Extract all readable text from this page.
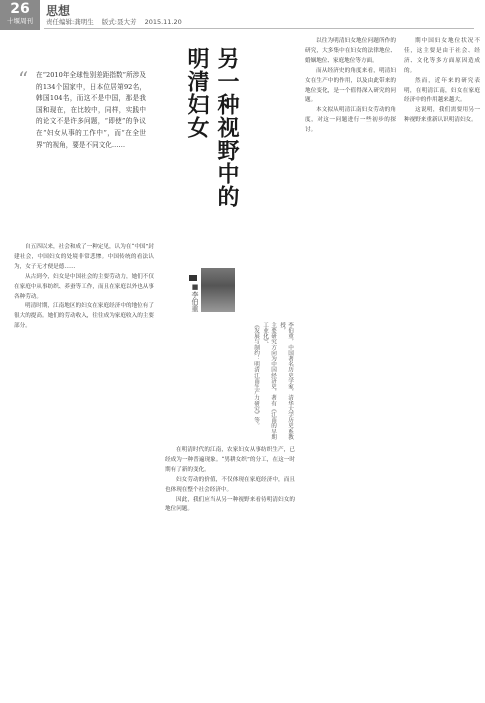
26
十堰周刊
思想
责任编辑:龚明生 版式:聂大芳 2015.11.20
“	在“2010年全球性别差距指数”所涉及的134个国家中，日本位居第92名，韩国104名，而这不是中国，那是我国和现在，在比较中，同样，实践中的论文不是许多问题，“即使”的争议在“妇女从事的工作中”，而“在全世界”的视角，要是不同文化……	另一种视野中的
明清妇女
■李伯重
李伯重，中国著名历史学家，清华大学历史系教授，
主要研究方向为中国经济史，著有《江南的早期工业化》、
《发展与制约：明清江南生产力研究》等。

自五四以来，社会和成了一种定见，认为在“中国”封建社会，中国妇女的处境非常悲惨。中国传统的看法认为，女子无才便是德……

从古到今，妇女是中国社会的主要劳动力，她们不仅在家庭中从事纺织、养蚕等工作，而且在家庭以外也从事各种劳动。

明清时期，江南地区的妇女在家庭经济中的地位有了很大的提高。她们的劳动收入，往往成为家庭收入的主要部分。

在明清时代的江南，农家妇女从事纺织生产，已经成为一种普遍现象。“男耕女织”的分工，在这一时期有了新的变化。

妇女劳动的价值，不仅体现在家庭经济中，而且也体现在整个社会经济中。

因此，我们应当从另一种视野来看待明清妇女的地位问题。

以往为明清妇女地位问题所作的研究，大多集中在妇女的法律地位、婚姻地位、家庭地位等方面。

而从经济史的角度来看，明清妇女在生产中的作用，以及由此带来的地位变化，是一个值得深入研究的问题。

本文拟从明清江南妇女劳动的角度，对这一问题进行一些初步的探讨。

期中国妇女地位状况不佳，这主要是由于社会、经济、文化等多方面原因造成的。

然而，近年来的研究表明，在明清江南，妇女在家庭经济中的作用越来越大。

这说明，我们需要用另一种视野来重新认识明清妇女。
